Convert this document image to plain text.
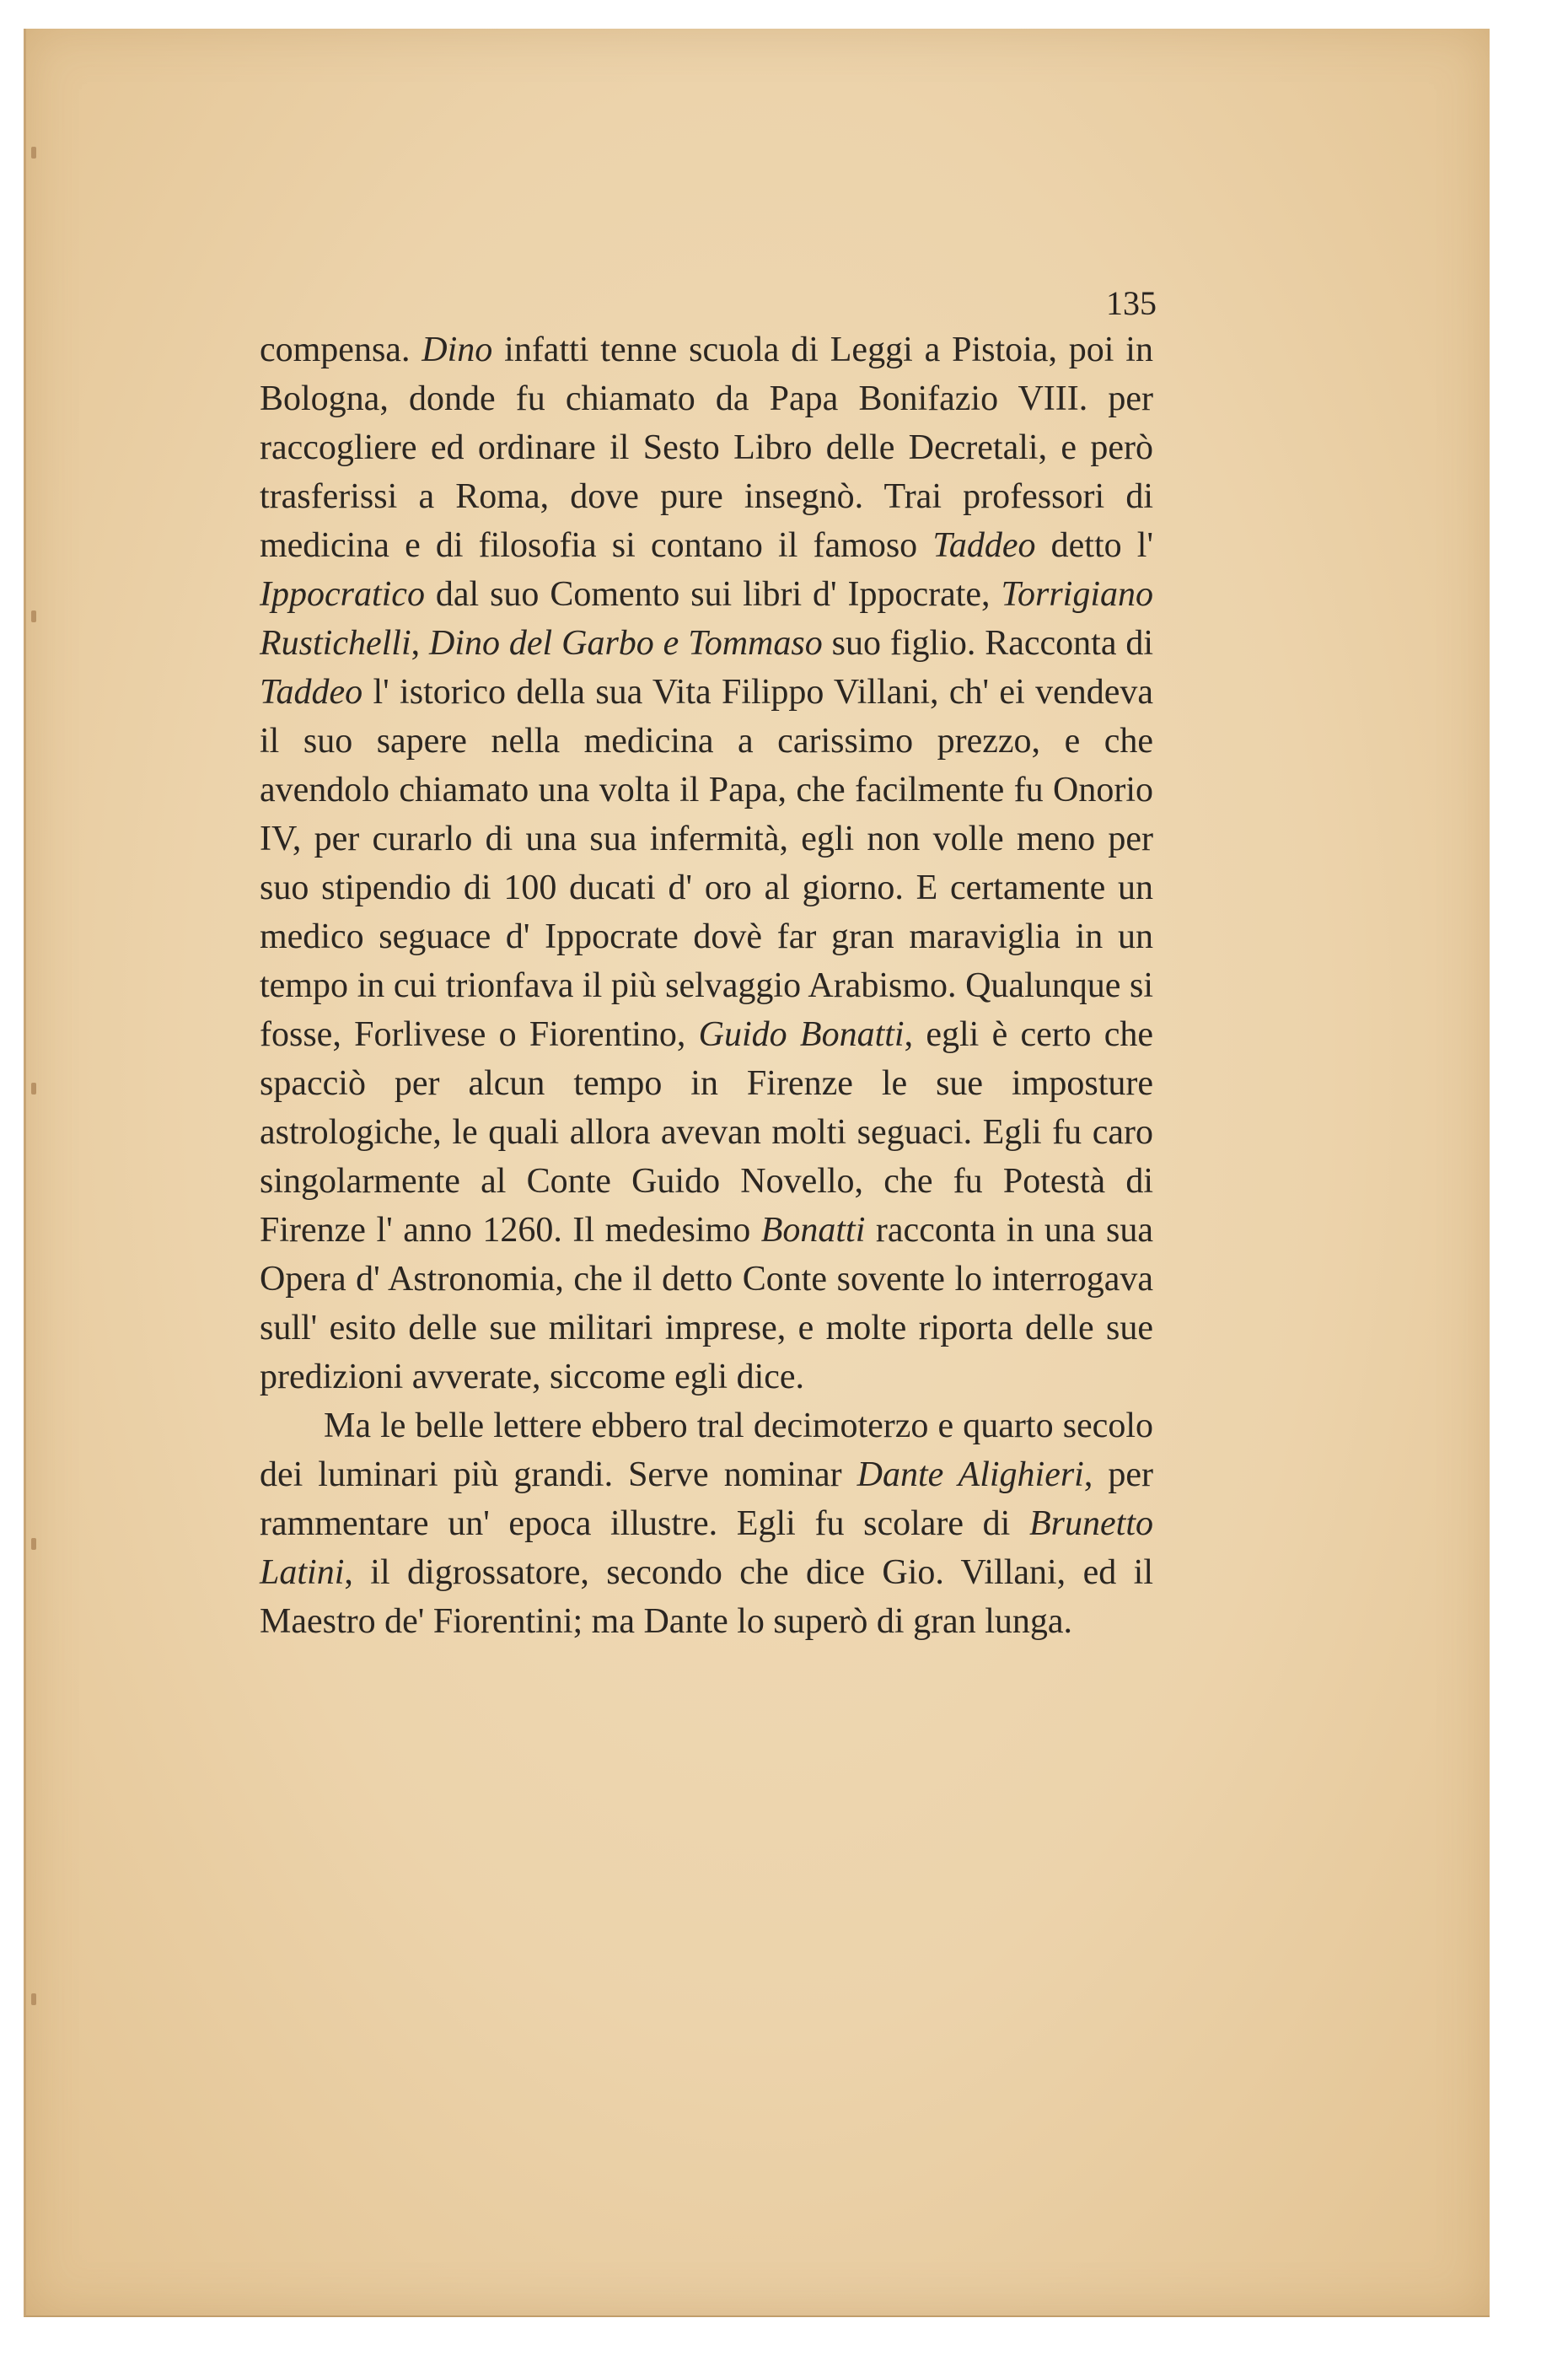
135

compensa. Dino infatti tenne scuola di Leggi a Pistoia, poi in Bologna, donde fu chiamato da Papa Bonifazio VIII. per raccogliere ed ordinare il Sesto Libro delle Decretali, e però trasferissi a Roma, dove pure insegnò. Trai professori di medicina e di filosofia si contano il famoso Taddeo detto l' Ippocratico dal suo Comento sui libri d' Ippocrate, Torrigiano Rustichelli, Dino del Garbo e Tommaso suo figlio. Racconta di Taddeo l' istorico della sua Vita Filippo Villani, ch' ei vendeva il suo sapere nella medicina a carissimo prezzo, e che avendolo chiamato una volta il Papa, che facilmente fu Onorio IV, per curarlo di una sua infermità, egli non volle meno per suo stipendio di 100 ducati d' oro al giorno. E certamente un medico seguace d' Ippocrate dovè far gran maraviglia in un tempo in cui trionfava il più selvaggio Arabismo. Qualunque si fosse, Forlivese o Fiorentino, Guido Bonatti, egli è certo che spacciò per alcun tempo in Firenze le sue imposture astrologiche, le quali allora avevan molti seguaci. Egli fu caro singolarmente al Conte Guido Novello, che fu Potestà di Firenze l' anno 1260. Il medesimo Bonatti racconta in una sua Opera d' Astronomia, che il detto Conte sovente lo interrogava sull' esito delle sue militari imprese, e molte riporta delle sue predizioni avverate, siccome egli dice.

Ma le belle lettere ebbero tral decimoterzo e quarto secolo dei luminari più grandi. Serve nominar Dante Alighieri, per rammentare un' epoca illustre. Egli fu scolare di Brunetto Latini, il digrossatore, secondo che dice Gio. Villani, ed il Maestro de' Fiorentini; ma Dante lo superò di gran lunga.
